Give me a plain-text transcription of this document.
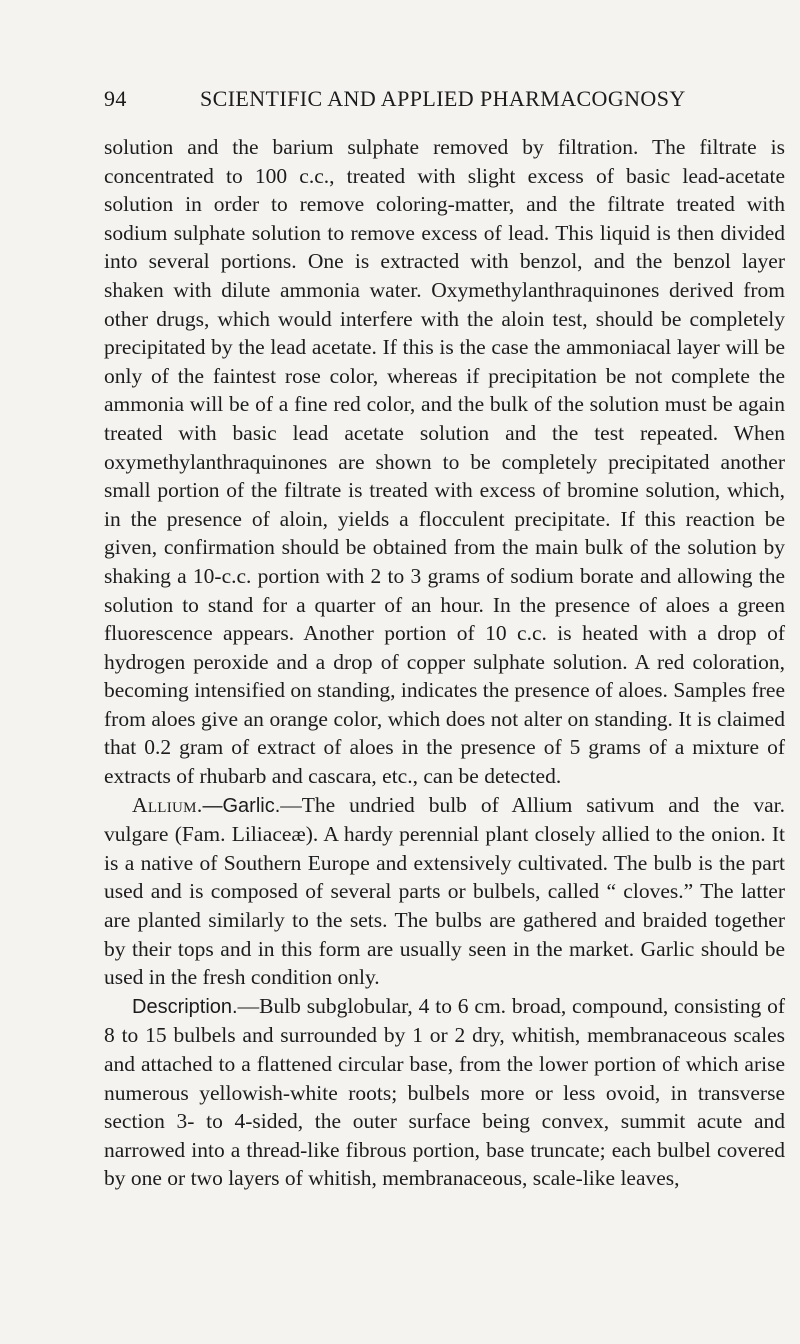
94	SCIENTIFIC AND APPLIED PHARMACOGNOSY

solution and the barium sulphate removed by filtration. The filtrate is concentrated to 100 c.c., treated with slight excess of basic lead-acetate solution in order to remove coloring-matter, and the filtrate treated with sodium sulphate solution to remove excess of lead. This liquid is then divided into several portions. One is extracted with benzol, and the benzol layer shaken with dilute ammonia water. Oxymethylanthraquinones derived from other drugs, which would interfere with the aloin test, should be completely precipitated by the lead acetate. If this is the case the ammoniacal layer will be only of the faintest rose color, whereas if precipitation be not complete the ammonia will be of a fine red color, and the bulk of the solution must be again treated with basic lead acetate solution and the test repeated. When oxymethylanthraquinones are shown to be completely precipitated another small portion of the filtrate is treated with excess of bromine solution, which, in the presence of aloin, yields a flocculent precipitate. If this reaction be given, confirmation should be obtained from the main bulk of the solution by shaking a 10-c.c. portion with 2 to 3 grams of sodium borate and allowing the solution to stand for a quarter of an hour. In the presence of aloes a green fluorescence appears. Another portion of 10 c.c. is heated with a drop of hydrogen peroxide and a drop of copper sulphate solution. A red coloration, becoming intensified on standing, indicates the presence of aloes. Samples free from aloes give an orange color, which does not alter on standing. It is claimed that 0.2 gram of extract of aloes in the presence of 5 grams of a mixture of extracts of rhubarb and cascara, etc., can be detected.

Allium.—Garlic.—The undried bulb of Allium sativum and the var. vulgare (Fam. Liliaceæ). A hardy perennial plant closely allied to the onion. It is a native of Southern Europe and extensively cultivated. The bulb is the part used and is composed of several parts or bulbels, called “ cloves.” The latter are planted similarly to the sets. The bulbs are gathered and braided together by their tops and in this form are usually seen in the market. Garlic should be used in the fresh condition only.

Description.—Bulb subglobular, 4 to 6 cm. broad, compound, consisting of 8 to 15 bulbels and surrounded by 1 or 2 dry, whitish, membranaceous scales and attached to a flattened circular base, from the lower portion of which arise numerous yellowish-white roots; bulbels more or less ovoid, in transverse section 3- to 4-sided, the outer surface being convex, summit acute and narrowed into a thread-like fibrous portion, base truncate; each bulbel covered by one or two layers of whitish, membranaceous, scale-like leaves,
